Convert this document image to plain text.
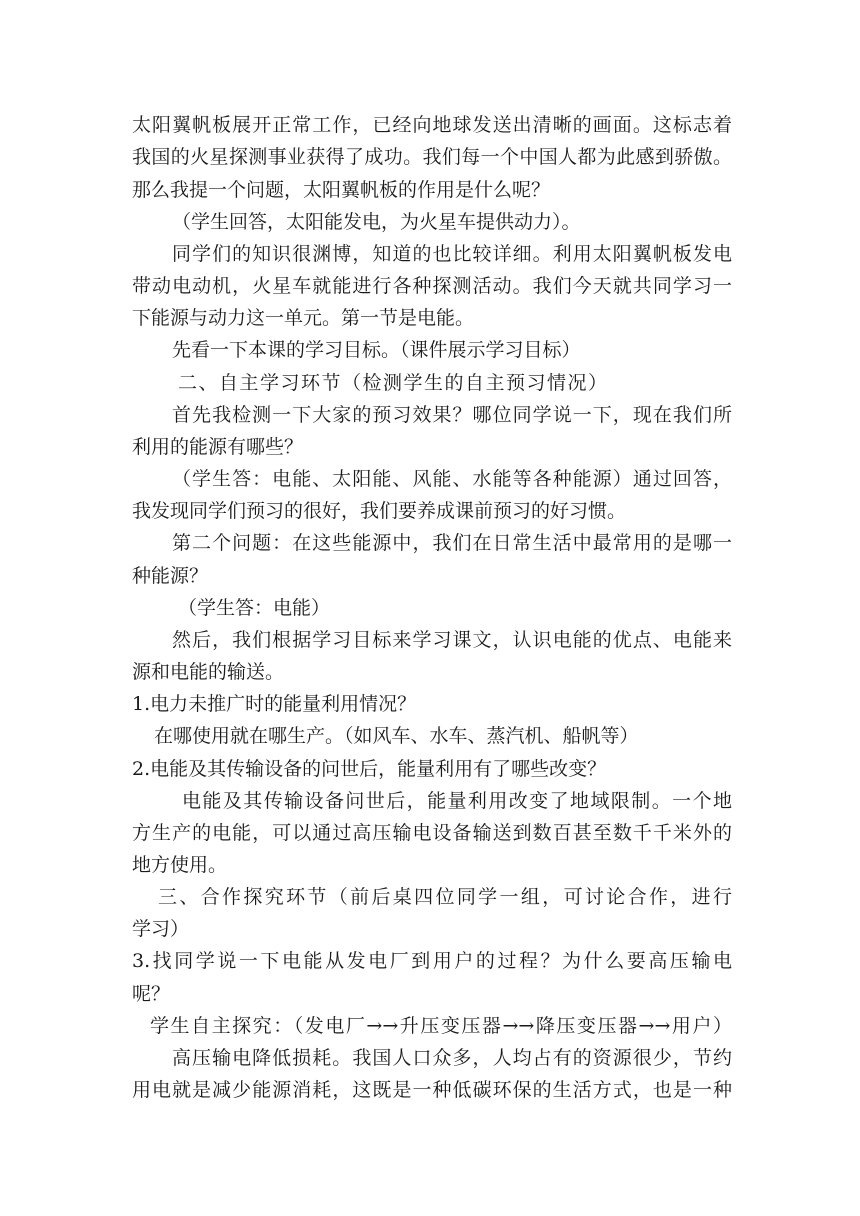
太阳翼帆板展开正常工作，已经向地球发送出清晰的画面。这标志着
我国的火星探测事业获得了成功。我们每一个中国人都为此感到骄傲。
那么我提一个问题，太阳翼帆板的作用是什么呢？
（学生回答，太阳能发电，为火星车提供动力）。
同学们的知识很渊博，知道的也比较详细。利用太阳翼帆板发电
带动电动机，火星车就能进行各种探测活动。我们今天就共同学习一
下能源与动力这一单元。第一节是电能。
先看一下本课的学习目标。（课件展示学习目标）
二、自主学习环节（检测学生的自主预习情况）
首先我检测一下大家的预习效果？哪位同学说一下，现在我们所
利用的能源有哪些？
（学生答：电能、太阳能、风能、水能等各种能源）通过回答，
我发现同学们预习的很好，我们要养成课前预习的好习惯。
第二个问题：在这些能源中，我们在日常生活中最常用的是哪一
种能源？
（学生答：电能）
然后，我们根据学习目标来学习课文，认识电能的优点、电能来
源和电能的输送。
1.电力未推广时的能量利用情况？
在哪使用就在哪生产。（如风车、水车、蒸汽机、船帆等）
2.电能及其传输设备的问世后，能量利用有了哪些改变？
电能及其传输设备问世后，能量利用改变了地域限制。一个地
方生产的电能，可以通过高压输电设备输送到数百甚至数千千米外的
地方使用。
三、合作探究环节（前后桌四位同学一组，可讨论合作，进行
学习）
3.找同学说一下电能从发电厂到用户的过程？为什么要高压输电
呢？
学生自主探究：（发电厂→→升压变压器→→降压变压器→→用户）
高压输电降低损耗。我国人口众多，人均占有的资源很少，节约
用电就是减少能源消耗，这既是一种低碳环保的生活方式，也是一种
